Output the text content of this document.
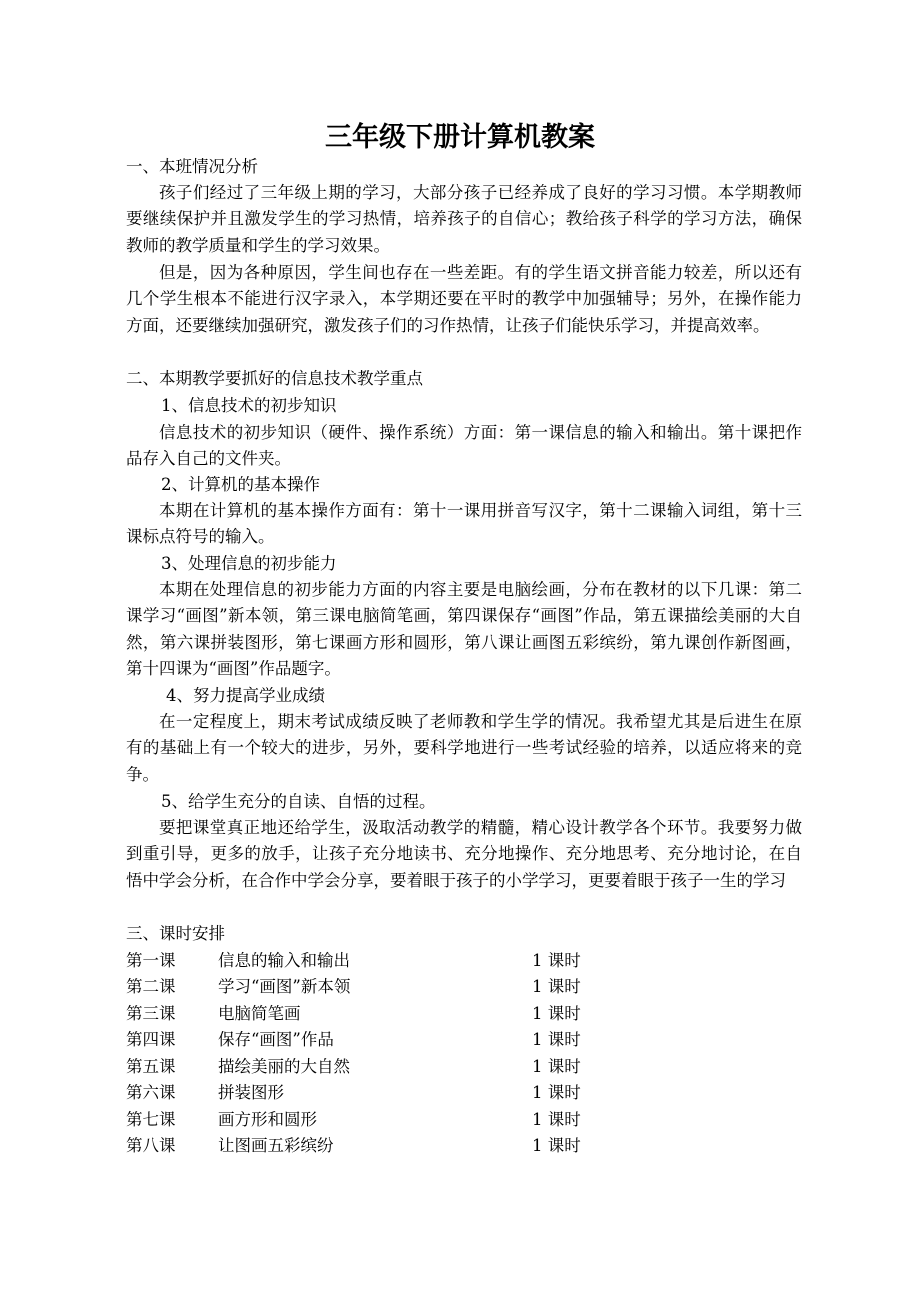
三年级下册计算机教案
一、本班情况分析
孩子们经过了三年级上期的学习，大部分孩子已经养成了良好的学习习惯。本学期教师要继续保护并且激发学生的学习热情，培养孩子的自信心；教给孩子科学的学习方法，确保教师的教学质量和学生的学习效果。
但是，因为各种原因，学生间也存在一些差距。有的学生语文拼音能力较差，所以还有几个学生根本不能进行汉字录入，本学期还要在平时的教学中加强辅导；另外，在操作能力方面，还要继续加强研究，激发孩子们的习作热情，让孩子们能快乐学习，并提高效率。
二、本期教学要抓好的信息技术教学重点
1、信息技术的初步知识
信息技术的初步知识（硬件、操作系统）方面：第一课信息的输入和输出。第十课把作品存入自己的文件夹。
2、计算机的基本操作
本期在计算机的基本操作方面有：第十一课用拼音写汉字，第十二课输入词组，第十三课标点符号的输入。
3、处理信息的初步能力
本期在处理信息的初步能力方面的内容主要是电脑绘画，分布在教材的以下几课：第二课学习“画图”新本领，第三课电脑简笔画，第四课保存“画图”作品，第五课描绘美丽的大自然，第六课拼装图形，第七课画方形和圆形，第八课让画图五彩缤纷，第九课创作新图画，第十四课为“画图”作品题字。
4、努力提高学业成绩
在一定程度上，期末考试成绩反映了老师教和学生学的情况。我希望尤其是后进生在原有的基础上有一个较大的进步，另外，要科学地进行一些考试经验的培养，以适应将来的竞争。
5、给学生充分的自读、自悟的过程。
要把课堂真正地还给学生，汲取活动教学的精髓，精心设计教学各个环节。我要努力做到重引导，更多的放手，让孩子充分地读书、充分地操作、充分地思考、充分地讨论，在自悟中学会分析，在合作中学会分享，要着眼于孩子的小学学习，更要着眼于孩子一生的学习
三、课时安排
第一课	信息的输入和输出	1 课时
第二课	学习“画图”新本领	1 课时
第三课	电脑简笔画	1 课时
第四课	保存“画图”作品	1 课时
第五课	描绘美丽的大自然	1 课时
第六课	拼装图形	1 课时
第七课	画方形和圆形	1 课时
第八课	让图画五彩缤纷	1 课时
